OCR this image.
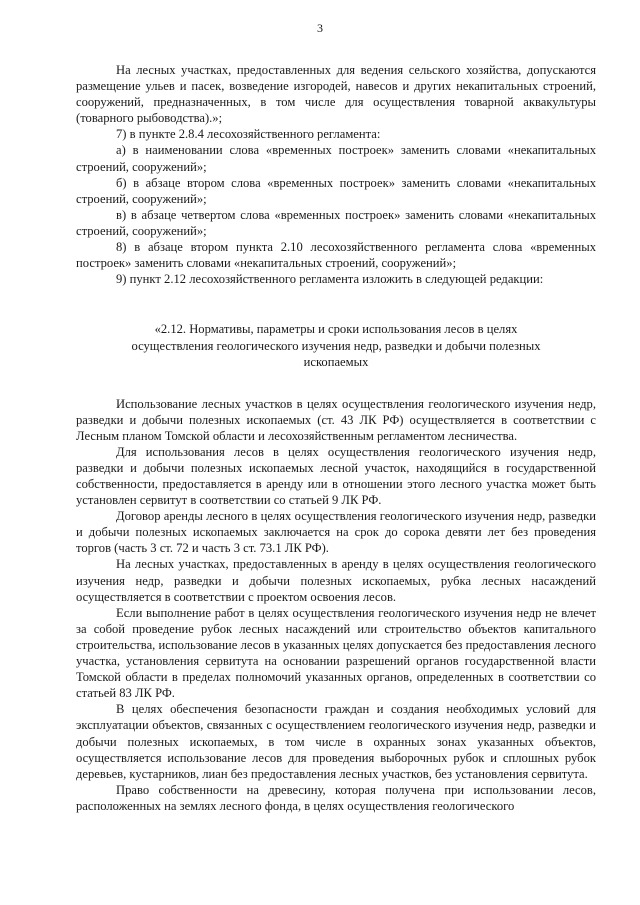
3

На лесных участках, предоставленных для ведения сельского хозяйства, допускаются размещение ульев и пасек, возведение изгородей, навесов и других некапитальных строений, сооружений, предназначенных, в том числе для осуществления товарной аквакультуры (товарного рыбоводства).»;

7) в пункте 2.8.4 лесохозяйственного регламента:

а) в наименовании слова «временных построек» заменить словами «некапитальных строений, сооружений»;

б) в абзаце втором слова «временных построек» заменить словами «некапитальных строений, сооружений»;

в) в абзаце четвертом слова «временных построек» заменить словами «некапитальных строений, сооружений»;

8) в абзаце втором пункта 2.10 лесохозяйственного регламента слова «временных построек» заменить словами «некапитальных строений, сооружений»;

9) пункт 2.12 лесохозяйственного регламента изложить в следующей редакции:

«2.12. Нормативы, параметры и сроки использования лесов в целях
осуществления геологического изучения недр, разведки и добычи полезных
ископаемых

Использование лесных участков в целях осуществления геологического изучения недр, разведки и добычи полезных ископаемых (ст. 43 ЛК РФ) осуществляется в соответствии с Лесным планом Томской области и лесохозяйственным регламентом лесничества.

Для использования лесов в целях осуществления геологического изучения недр, разведки и добычи полезных ископаемых лесной участок, находящийся в государственной собственности, предоставляется в аренду или в отношении этого лесного участка может быть установлен сервитут в соответствии со статьей 9 ЛК РФ.

Договор аренды лесного в целях осуществления геологического изучения недр, разведки и добычи полезных ископаемых заключается на срок до сорока девяти лет без проведения торгов (часть 3 ст. 72 и часть 3 ст. 73.1 ЛК РФ).

На лесных участках, предоставленных в аренду в целях осуществления геологического изучения недр, разведки и добычи полезных ископаемых, рубка лесных насаждений осуществляется в соответствии с проектом освоения лесов.

Если выполнение работ в целях осуществления геологического изучения недр не влечет за собой проведение рубок лесных насаждений или строительство объектов капитального строительства, использование лесов в указанных целях допускается без предоставления лесного участка, установления сервитута на основании разрешений органов государственной власти Томской области в пределах полномочий указанных органов, определенных в соответствии со статьей 83 ЛК РФ.

В целях обеспечения безопасности граждан и создания необходимых условий для эксплуатации объектов, связанных с осуществлением геологического изучения недр, разведки и добычи полезных ископаемых, в том числе в охранных зонах указанных объектов, осуществляется использование лесов для проведения выборочных рубок и сплошных рубок деревьев, кустарников, лиан без предоставления лесных участков, без установления сервитута.

Право собственности на древесину, которая получена при использовании лесов, расположенных на землях лесного фонда, в целях осуществления геологического
